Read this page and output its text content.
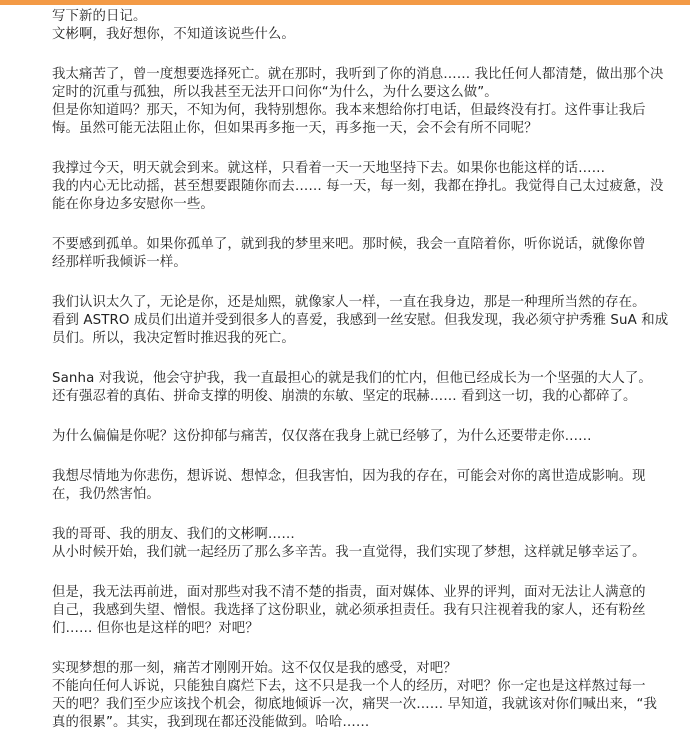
写下新的日记。
文彬啊，我好想你，不知道该说些什么。
我太痛苦了，曾一度想要选择死亡。就在那时，我听到了你的消息…… 我比任何人都清楚，做出那个决
定时的沉重与孤独，所以我甚至无法开口问你“为什么，为什么要这么做”。
但是你知道吗？那天，不知为何，我特别想你。我本来想给你打电话，但最终没有打。这件事让我后
悔。虽然可能无法阻止你，但如果再多拖一天，再多拖一天，会不会有所不同呢？
我撑过今天，明天就会到来。就这样，只看着一天一天地坚持下去。如果你也能这样的话……
我的内心无比动摇，甚至想要跟随你而去…… 每一天，每一刻，我都在挣扎。我觉得自己太过疲惫，没
能在你身边多安慰你一些。
不要感到孤单。如果你孤单了，就到我的梦里来吧。那时候，我会一直陪着你，听你说话，就像你曾
经那样听我倾诉一样。
我们认识太久了，无论是你，还是灿熙，就像家人一样，一直在我身边，那是一种理所当然的存在。
看到 ASTRO 成员们出道并受到很多人的喜爱，我感到一丝安慰。但我发现，我必须守护秀雅 SuA 和成
员们。所以，我决定暂时推迟我的死亡。
Sanha 对我说，他会守护我，我一直最担心的就是我们的忙内，但他已经成长为一个坚强的大人了。
还有强忍着的真佑、拼命支撑的明俊、崩溃的东敏、坚定的珉赫…… 看到这一切，我的心都碎了。
为什么偏偏是你呢？这份抑郁与痛苦，仅仅落在我身上就已经够了，为什么还要带走你……
我想尽情地为你悲伤，想诉说、想悼念，但我害怕，因为我的存在，可能会对你的离世造成影响。现
在，我仍然害怕。
我的哥哥、我的朋友、我们的文彬啊……
从小时候开始，我们就一起经历了那么多辛苦。我一直觉得，我们实现了梦想，这样就足够幸运了。
但是，我无法再前进，面对那些对我不清不楚的指责，面对媒体、业界的评判，面对无法让人满意的
自己，我感到失望、憎恨。我选择了这份职业，就必须承担责任。我有只注视着我的家人，还有粉丝
们…… 但你也是这样的吧？对吧？
实现梦想的那一刻，痛苦才刚刚开始。这不仅仅是我的感受，对吧？
不能向任何人诉说，只能独自腐烂下去，这不只是我一个人的经历，对吧？你一定也是这样熬过每一
天的吧？我们至少应该找个机会，彻底地倾诉一次，痛哭一次…… 早知道，我就该对你们喊出来，“我
真的很累”。其实，我到现在都还没能做到。哈哈……
